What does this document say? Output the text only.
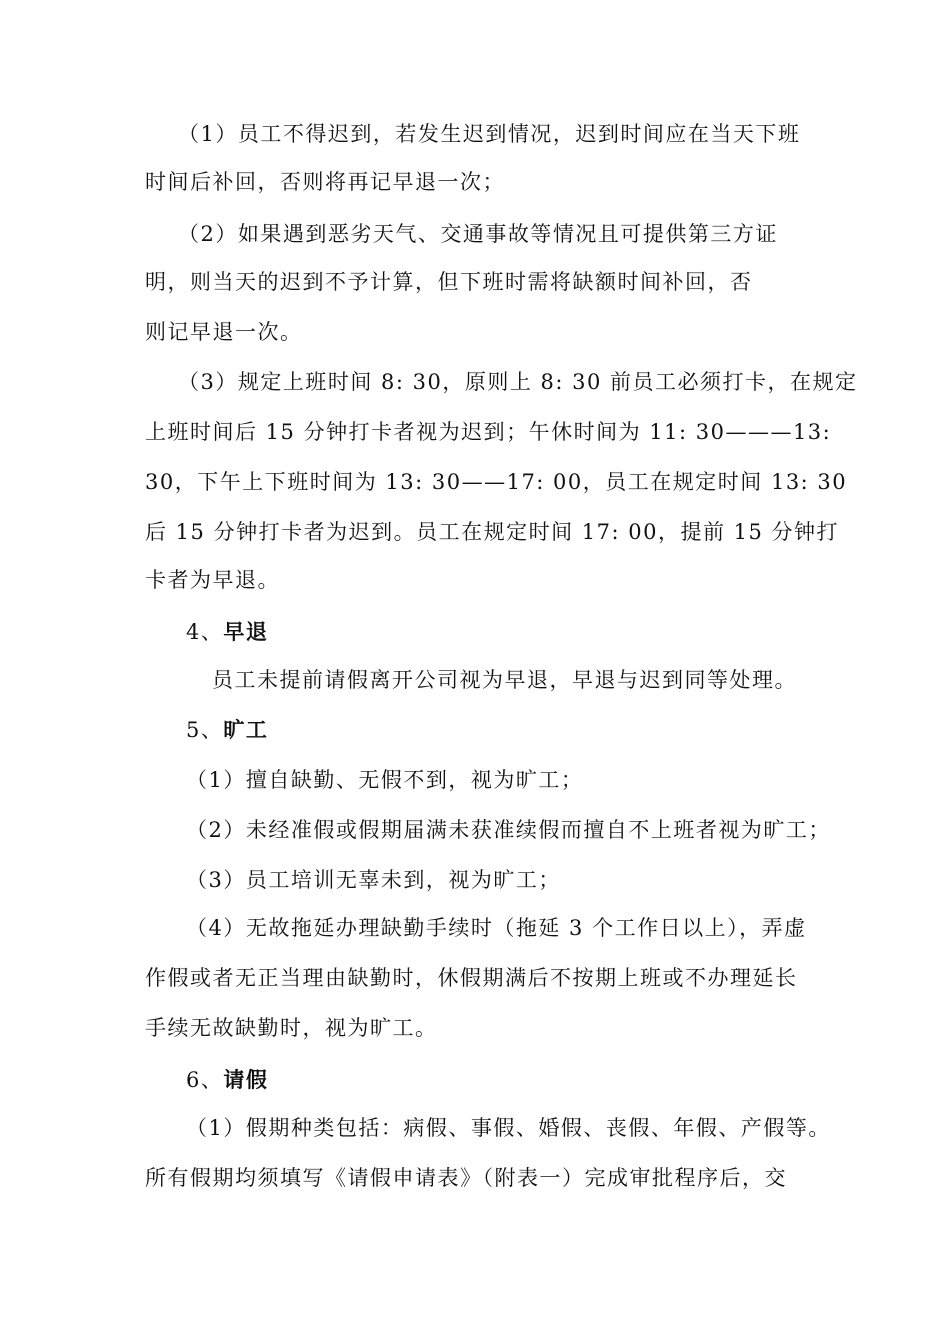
（1）员工不得迟到，若发生迟到情况，迟到时间应在当天下班
时间后补回，否则将再记早退一次；
（2）如果遇到恶劣天气、交通事故等情况且可提供第三方证
明，则当天的迟到不予计算，但下班时需将缺额时间补回，否
则记早退一次。
（3）规定上班时间 8: 30，原则上 8: 30 前员工必须打卡，在规定
上班时间后 15 分钟打卡者视为迟到；午休时间为 11: 30———13:
30，下午上下班时间为 13: 30——17: 00，员工在规定时间 13: 30
后 15 分钟打卡者为迟到。员工在规定时间 17: 00，提前 15 分钟打
卡者为早退。
4、早退
员工未提前请假离开公司视为早退，早退与迟到同等处理。
5、旷工
（1）擅自缺勤、无假不到，视为旷工；
（2）未经准假或假期届满未获准续假而擅自不上班者视为旷工；
（3）员工培训无辜未到，视为旷工；
（4）无故拖延办理缺勤手续时（拖延 3 个工作日以上），弄虚
作假或者无正当理由缺勤时，休假期满后不按期上班或不办理延长
手续无故缺勤时，视为旷工。
6、请假
（1）假期种类包括：病假、事假、婚假、丧假、年假、产假等。
所有假期均须填写《请假申请表》（附表一）完成审批程序后，交
